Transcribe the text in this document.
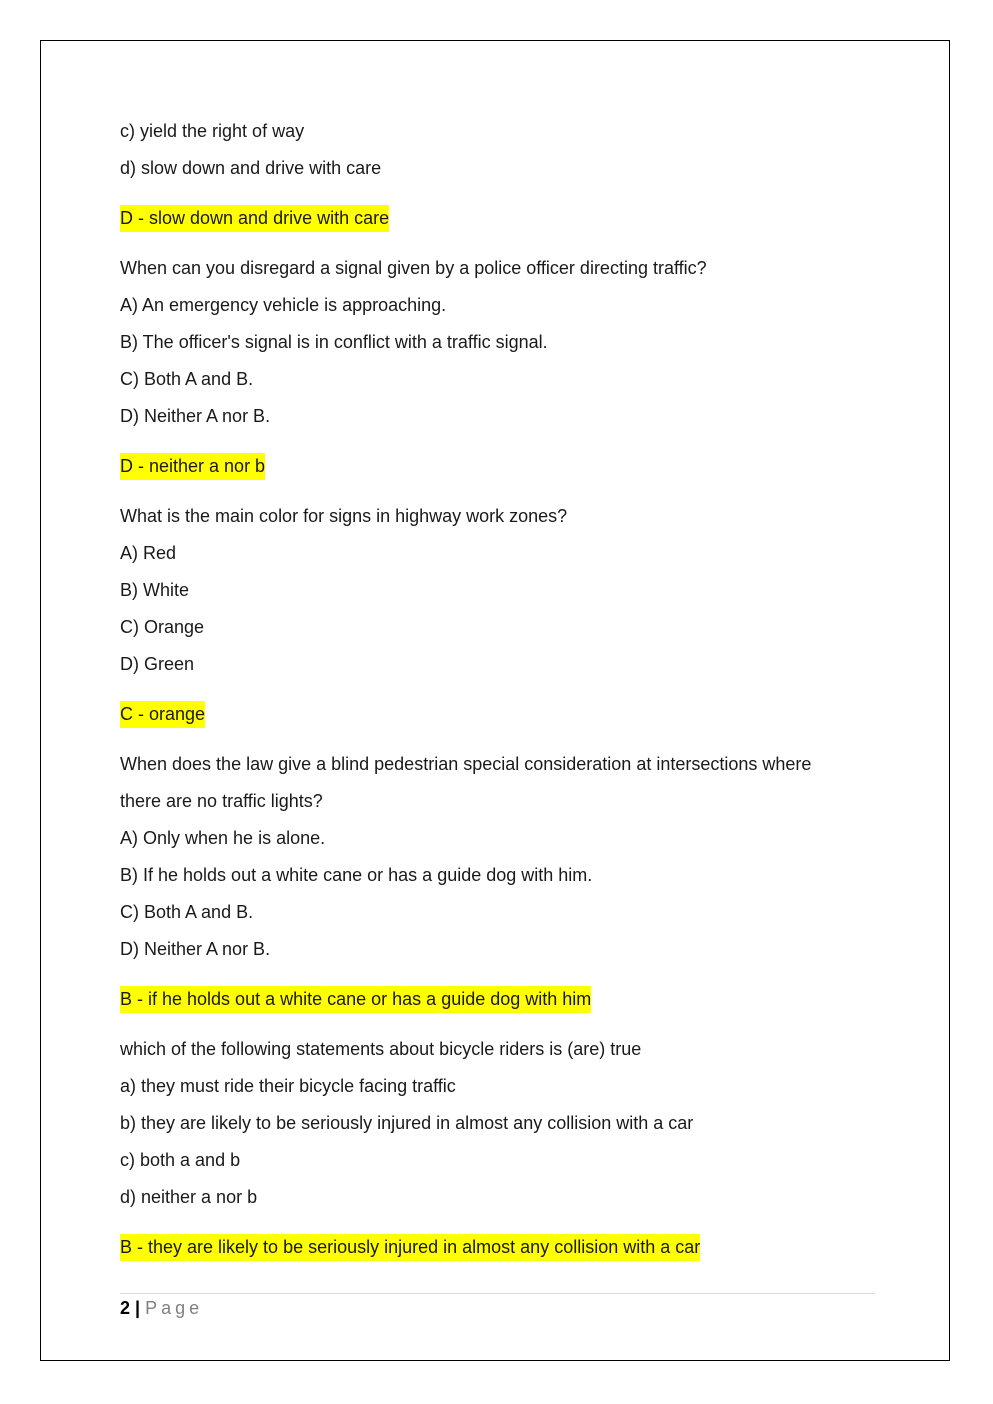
c) yield the right of way
d) slow down and drive with care
D - slow down and drive with care
When can you disregard a signal given by a police officer directing traffic?
A) An emergency vehicle is approaching.
B) The officer's signal is in conflict with a traffic signal.
C) Both A and B.
D) Neither A nor B.
D - neither a nor b
What is the main color for signs in highway work zones?
A) Red
B) White
C) Orange
D) Green
C - orange
When does the law give a blind pedestrian special consideration at intersections where
there are no traffic lights?
A) Only when he is alone.
B) If he holds out a white cane or has a guide dog with him.
C) Both A and B.
D) Neither A nor B.
B - if he holds out a white cane or has a guide dog with him
which of the following statements about bicycle riders is (are) true
a) they must ride their bicycle facing traffic
b) they are likely to be seriously injured in almost any collision with a car
c) both a and b
d) neither a nor b
B - they are likely to be seriously injured in almost any collision with a car
2 | Page
